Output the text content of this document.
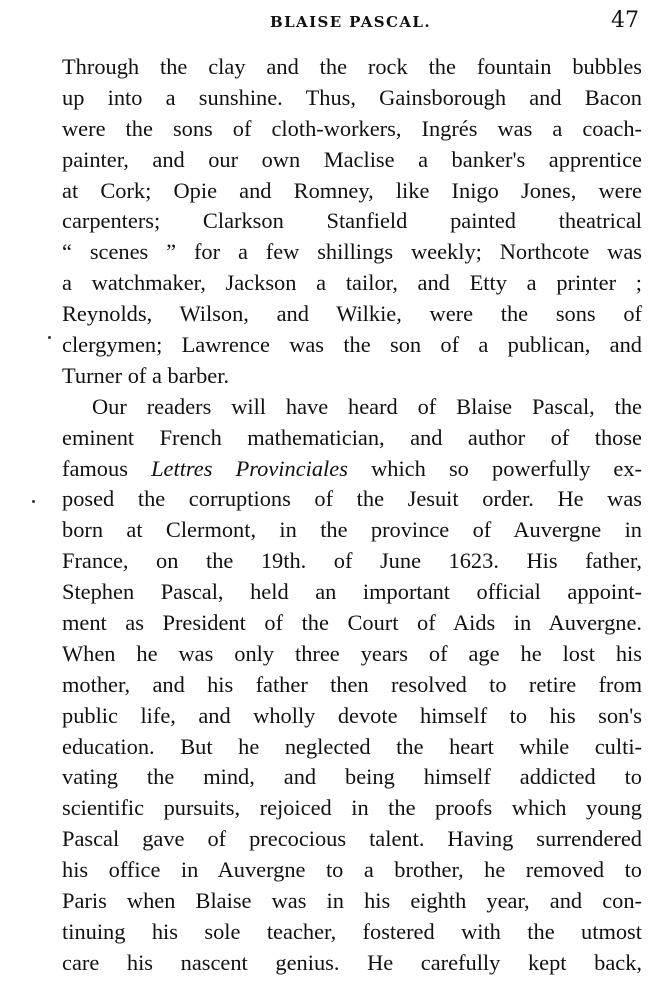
BLAISE PASCAL.	47
Through the clay and the rock the fountain bubbles
up into a sunshine. Thus, Gainsborough and Bacon
were the sons of cloth-workers, Ingrés was a coach-
painter, and our own Maclise a banker's apprentice
at Cork; Opie and Romney, like Inigo Jones, were
carpenters; Clarkson Stanfield painted theatrical
“ scenes ” for a few shillings weekly; Northcote was
a watchmaker, Jackson a tailor, and Etty a printer ;
Reynolds, Wilson, and Wilkie, were the sons of
clergymen; Lawrence was the son of a publican, and
Turner of a barber.
Our readers will have heard of Blaise Pascal, the
eminent French mathematician, and author of those
famous Lettres Provinciales which so powerfully ex-
posed the corruptions of the Jesuit order. He was
born at Clermont, in the province of Auvergne in
France, on the 19th. of June 1623. His father,
Stephen Pascal, held an important official appoint-
ment as President of the Court of Aids in Auvergne.
When he was only three years of age he lost his
mother, and his father then resolved to retire from
public life, and wholly devote himself to his son's
education. But he neglected the heart while culti-
vating the mind, and being himself addicted to
scientific pursuits, rejoiced in the proofs which young
Pascal gave of precocious talent. Having surrendered
his office in Auvergne to a brother, he removed to
Paris when Blaise was in his eighth year, and con-
tinuing his sole teacher, fostered with the utmost
care his nascent genius. He carefully kept back,
